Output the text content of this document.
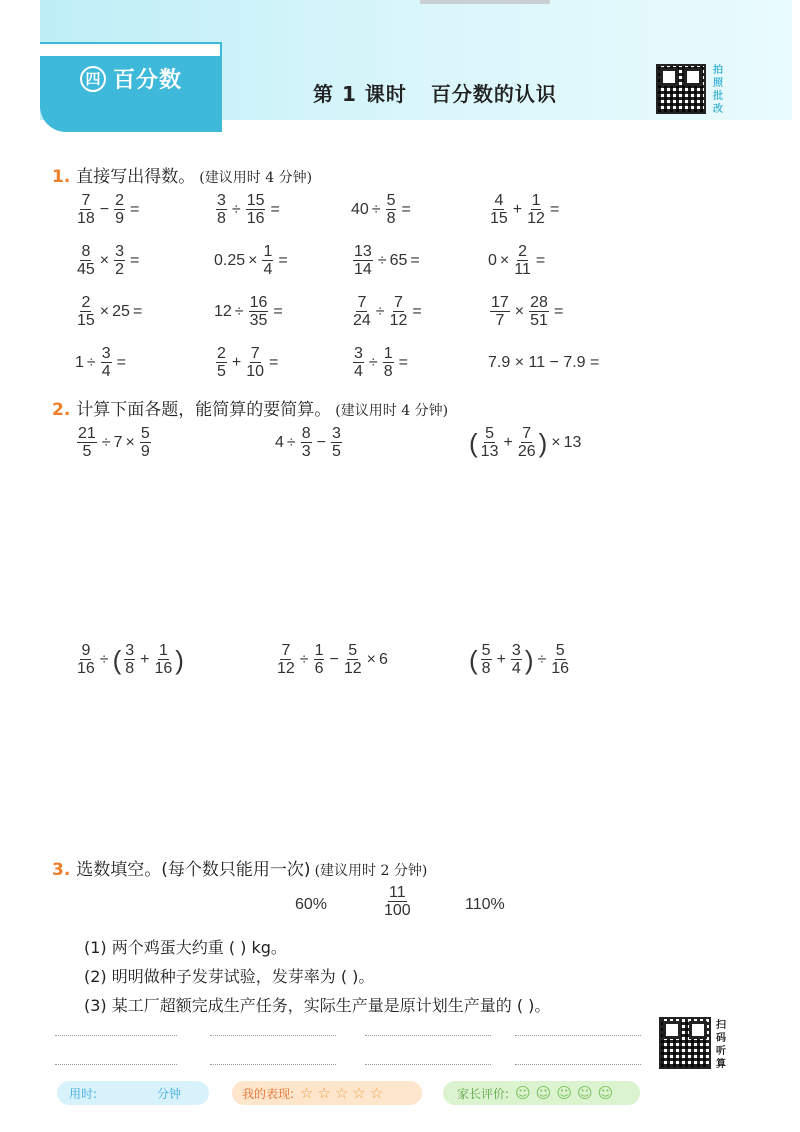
四 百分数
第 1 课时 百分数的认识
拍照批改
1. 直接写出得数。 (建议用时 4 分钟)
$\frac{7}{18} - \frac{2}{9}$ =	$\frac{3}{8} \div \frac{15}{16}$ =	$40 \div \frac{5}{8}$ =	$\frac{4}{15} + \frac{1}{12}$ =
$\frac{8}{45} \times \frac{3}{2}$ =	$0.25 \times \frac{1}{4}$ =	$\frac{13}{14} \div 65$ =	$0 \times \frac{2}{11}$ =
$\frac{2}{15} \times 25$ =	$12 \div \frac{16}{35}$ =	$\frac{7}{24} \div \frac{7}{12}$ =	$\frac{17}{7} \times \frac{28}{51}$ =
$1 \div \frac{3}{4}$ =	$\frac{2}{5} + \frac{7}{10}$ =	$\frac{3}{4} \div \frac{1}{8}$ =	7.9 × 11 − 7.9 =
2. 计算下面各题，能简算的要简算。 (建议用时 4 分钟)
$\frac{21}{5} \div 7 \times \frac{5}{9}$	$4 \div \frac{8}{3} - \frac{3}{5}$	( $\frac{5}{13} + \frac{7}{26}$ ) × 13
$\frac{9}{16}$ ÷ ( $\frac{3}{8} + \frac{1}{16}$ )	$\frac{7}{12} \div \frac{1}{6} - \frac{5}{12} \times 6$	( $\frac{5}{8} + \frac{3}{4}$ ) ÷ $\frac{5}{16}$
3. 选数填空。(每个数只能用一次) (建议用时 2 分钟)
60%	$\frac{11}{100}$	110%
(1) 两个鸡蛋大约重 ( ) kg。
(2) 明明做种子发芽试验，发芽率为 ( )。
(3) 某工厂超额完成生产任务，实际生产量是原计划生产量的 ( )。
扫码听算
用时:	分钟	我的表现: ☆☆☆☆☆	家长评价: ☺☺☺☺☺
